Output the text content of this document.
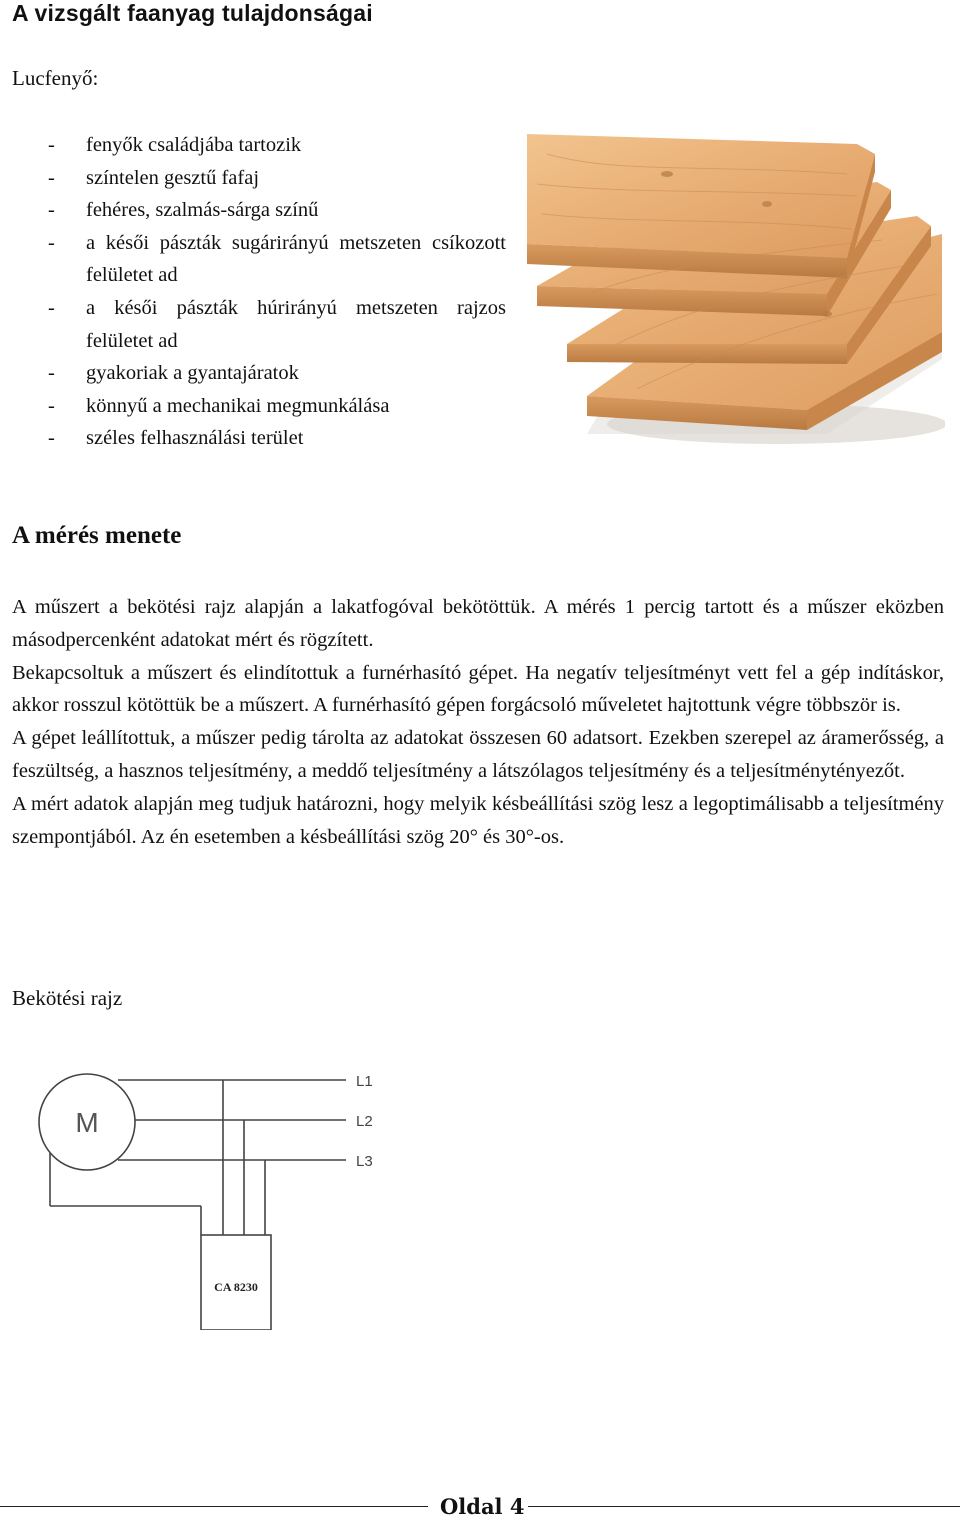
A vizsgált faanyag tulajdonságai
Lucfenyő:
- fenyők családjába tartozik
- színtelen gesztű fafaj
- fehéres, szalmás-sárga színű
- a késői pászták sugárirányú metszeten csíkozott felületet ad
- a késői pászták húrirányú metszeten rajzos felületet ad
- gyakoriak a gyantajáratok
- könnyű a mechanikai megmunkálása
- széles felhasználási terület
A mérés menete

A műszert a bekötési rajz alapján a lakatfogóval bekötöttük. A mérés 1 percig tartott és a műszer eközben másodpercenként adatokat mért és rögzített.

Bekapcsoltuk a műszert és elindítottuk a furnérhasító gépet. Ha negatív teljesítményt vett fel a gép indításkor, akkor rosszul kötöttük be a műszert. A furnérhasító gépen forgácsoló műveletet hajtottunk végre többször is.

A gépet leállítottuk, a műszer pedig tárolta az adatokat összesen 60 adatsort. Ezekben szerepel az áramerősség, a feszültség, a hasznos teljesítmény, a meddő teljesítmény a látszólagos teljesítmény és a teljesítménytényezőt.

A mért adatok alapján meg tudjuk határozni, hogy melyik késbeállítási szög lesz a legoptimálisabb a teljesítmény szempontjából. Az én esetemben a késbeállítási szög 20° és 30°-os.

Bekötési rajz
M
L1
L2
L3
CA 8230
Oldal 4
